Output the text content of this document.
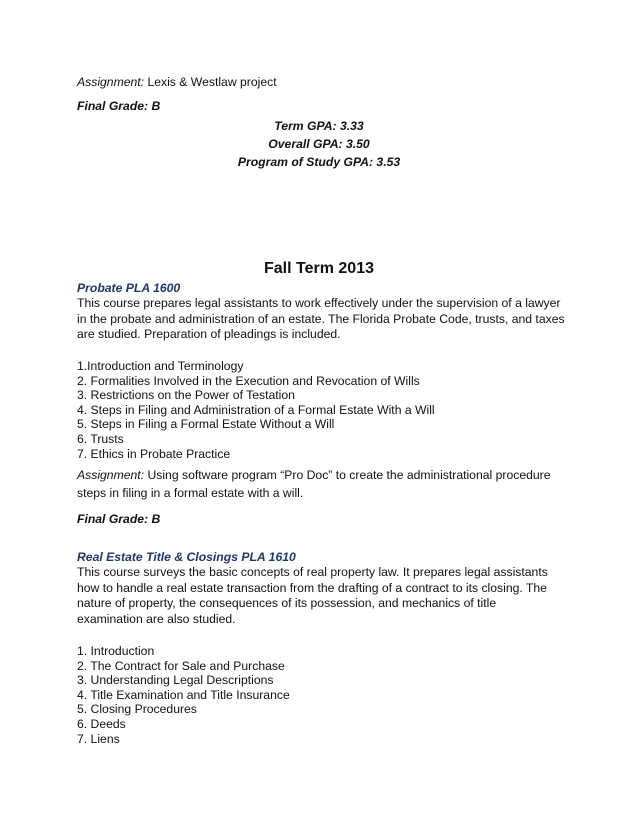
Assignment: Lexis & Westlaw project
Final Grade: B
Term GPA: 3.33
Overall GPA: 3.50
Program of Study GPA: 3.53
Fall Term 2013
Probate PLA 1600
This course prepares legal assistants to work effectively under the supervision of a lawyer in the probate and administration of an estate. The Florida Probate Code, trusts, and taxes are studied. Preparation of pleadings is included.
1.Introduction and Terminology
2. Formalities Involved in the Execution and Revocation of Wills
3. Restrictions on the Power of Testation
4. Steps in Filing and Administration of a Formal Estate With a Will
5. Steps in Filing a Formal Estate Without a Will
6. Trusts
7. Ethics in Probate Practice
Assignment: Using software program “Pro Doc” to create the administrational procedure steps in filing in a formal estate with a will.
Final Grade: B
Real Estate Title & Closings PLA 1610
This course surveys the basic concepts of real property law. It prepares legal assistants how to handle a real estate transaction from the drafting of a contract to its closing. The nature of property, the consequences of its possession, and mechanics of title examination are also studied.
1. Introduction
2. The Contract for Sale and Purchase
3. Understanding Legal Descriptions
4. Title Examination and Title Insurance
5. Closing Procedures
6. Deeds
7. Liens
